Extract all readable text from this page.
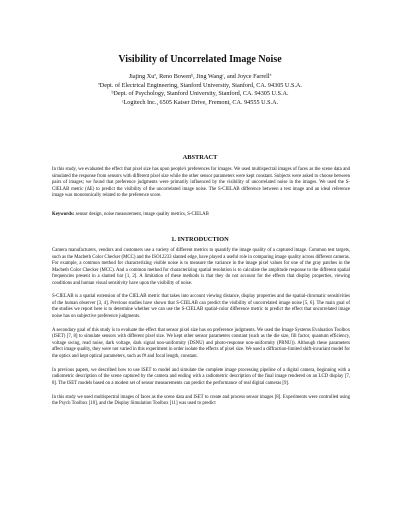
Visibility of Uncorrelated Image Noise
Jiajing Xuª, Reno Bowenᵇ, Jing Wangᶜ, and Joyce Farrellª
ªDept. of Electrical Engineering, Stanford University, Stanford, CA. 94305 U.S.A.
ᵇDept. of Psychology, Stanford University, Stanford, CA. 94305 U.S.A.
ᶜLogitech Inc., 6505 Kaiser Drive, Fremont, CA. 94555 U.S.A.
ABSTRACT
In this study, we evaluated the effect that pixel size has upon people's preferences for images. We used multispectral images of faces as the scene data and simulated the response from sensors with different pixel size while the other sensor parameters were kept constant. Subjects were asked to choose between pairs of images; we found that preference judgments were primarily influenced by the visibility of uncorrelated noise in the images. We used the S-CIELAB metric (ΔE) to predict the visibility of the uncorrelated image noise. The S-CIELAB difference between a test image and an ideal reference image was monotonically related to the preference score.
Keywords: sensor design, noise measurement, image quality metrics, S-CIELAB
1. INTRODUCTION

Camera manufacturers, vendors and customers use a variety of different metrics to quantify the image quality of a captured image. Common test targets, such as the Macbeth Color Checker (MCC) and the ISO12233 slanted edge, have played a useful role in comparing image quality across different cameras. For example, a common method for characterizing visible noise is to measure the variance in the image pixel values for one of the gray patches in the Macbeth Color Checker (MCC). And a common method for characterizing spatial resolution is to calculate the amplitude response to the different spatial frequencies present in a slanted bar [1, 2]. A limitation of these methods is that they do not account for the effects that display properties, viewing conditions and human visual sensitivity have upon the visibility of noise.

S-CIELAB is a spatial extension of the CIELAB metric that takes into account viewing distance, display properties and the spatial-chromatic sensitivities of the human observer [3, 4]. Previous studies have shown that S-CIELAB can predict the visibility of uncorrelated image noise [5, 6]. The main goal of the studies we report here is to determine whether we can use the S-CIELAB spatial-color difference metric to predict the effect that uncorrelated image noise has on subjective preference judgments.

A secondary goal of this study is to evaluate the effect that sensor pixel size has on preference judgments. We used the Image Systems Evaluation Toolbox (ISET) [7, 8] to simulate sensors with different pixel size. We kept other sensor parameters constant (such as the die size, fill factor, quantum efficiency, voltage swing, read noise, dark voltage, dark signal non-uniformity (DSNU) and photo-response non-uniformity (PRNU)). Although these parameters affect image quality, they were not varied in this experiment in order isolate the effects of pixel size. We used a diffraction-limited shift-invariant model for the optics and kept optical parameters, such as f# and focal length, constant.

In previous papers, we described how to use ISET to model and simulate the complete image processing pipeline of a digital camera, beginning with a radiometric description of the scene captured by the camera and ending with a radiometric description of the final image rendered on an LCD display [7, 8]. The ISET models based on a modest set of sensor measurements can predict the performance of real digital cameras [9].

In this study we used multispectral images of faces as the scene data and ISET to create and process sensor images [8]. Experiments were controlled using the Psych Toolbox [10], and the Display Simulation Toolbox [11] was used to predict
